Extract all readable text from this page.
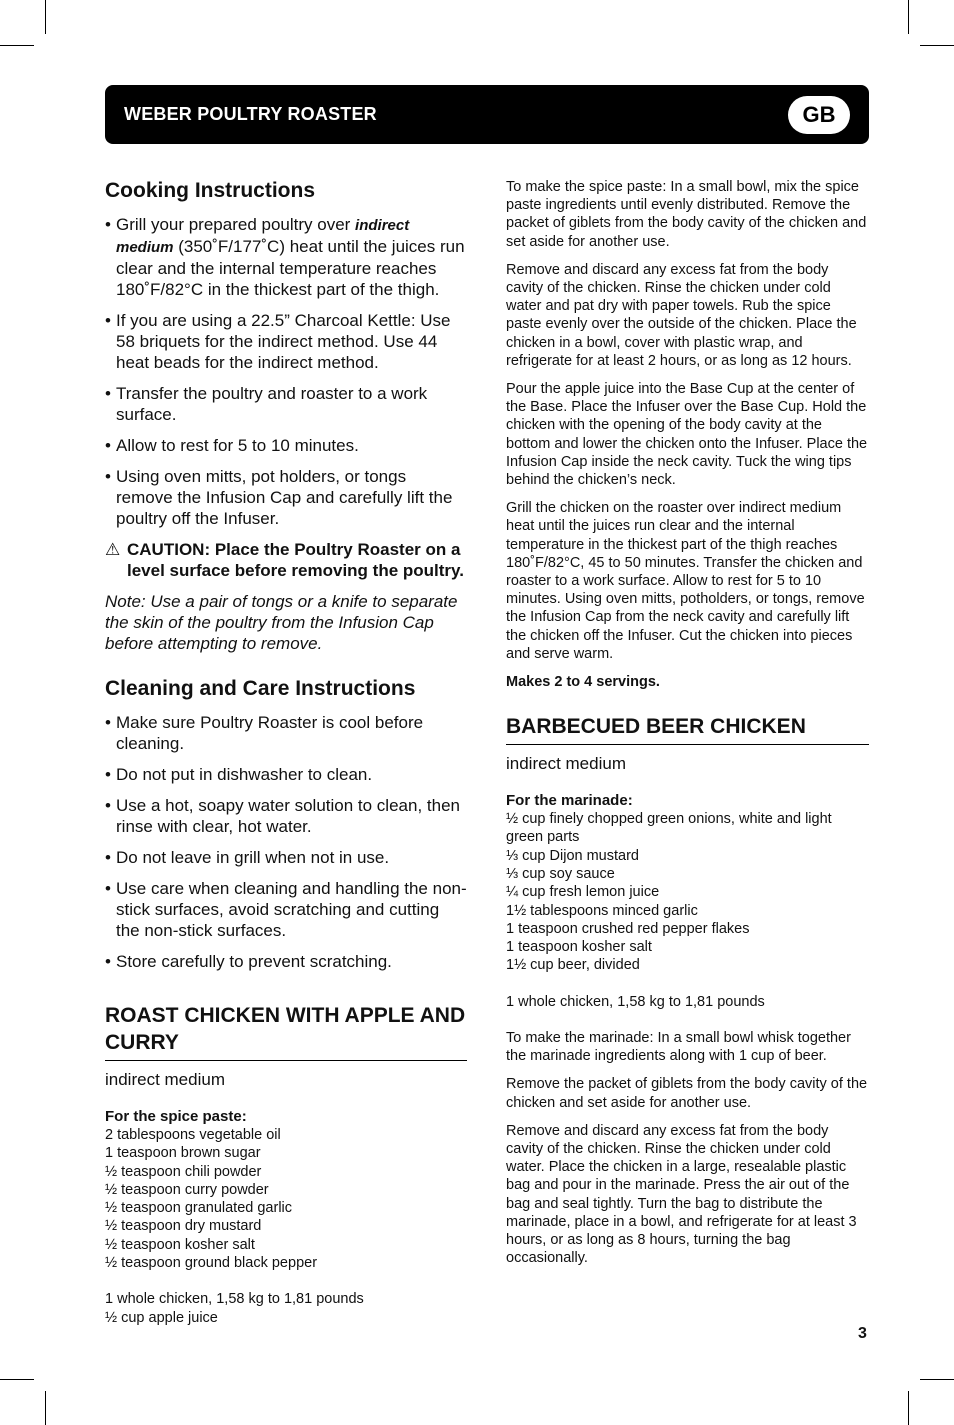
WEBER POULTRY ROASTER	GB
Cooking Instructions
• Grill your prepared poultry over indirect medium (350˚F/177˚C) heat until the juices run clear and the internal temperature reaches 180˚F/82°C in the thickest part of the thigh.
• If you are using a 22.5” Charcoal Kettle: Use 58 briquets for the indirect method. Use 44 heat beads for the indirect method.
• Transfer the poultry and roaster to a work surface.
• Allow to rest for 5 to 10 minutes.
• Using oven mitts, pot holders, or tongs remove the Infusion Cap and carefully lift the poultry off the Infuser.
⚠ CAUTION: Place the Poultry Roaster on a level surface before removing the poultry.
Note: Use a pair of tongs or a knife to separate the skin of the poultry from the Infusion Cap before attempting to remove.
Cleaning and Care Instructions
• Make sure Poultry Roaster is cool before cleaning.
• Do not put in dishwasher to clean.
• Use a hot, soapy water solution to clean, then rinse with clear, hot water.
• Do not leave in grill when not in use.
• Use care when cleaning and handling the non-stick surfaces, avoid scratching and cutting the non-stick surfaces.
• Store carefully to prevent scratching.
ROAST CHICKEN WITH APPLE AND CURRY
indirect medium
For the spice paste:
2 tablespoons vegetable oil
1 teaspoon brown sugar
½ teaspoon chili powder
½ teaspoon curry powder
½ teaspoon granulated garlic
½ teaspoon dry mustard
½ teaspoon kosher salt
½ teaspoon ground black pepper
1 whole chicken, 1,58 kg to 1,81 pounds
½ cup apple juice

To make the spice paste: In a small bowl, mix the spice paste ingredients until evenly distributed. Remove the packet of giblets from the body cavity of the chicken and set aside for another use.

Remove and discard any excess fat from the body cavity of the chicken. Rinse the chicken under cold water and pat dry with paper towels. Rub the spice paste evenly over the outside of the chicken. Place the chicken in a bowl, cover with plastic wrap, and refrigerate for at least 2 hours, or as long as 12 hours.

Pour the apple juice into the Base Cup at the center of the Base. Place the Infuser over the Base Cup. Hold the chicken with the opening of the body cavity at the bottom and lower the chicken onto the Infuser. Place the Infusion Cap inside the neck cavity. Tuck the wing tips behind the chicken’s neck.

Grill the chicken on the roaster over indirect medium heat until the juices run clear and the internal temperature in the thickest part of the thigh reaches 180˚F/82°C, 45 to 50 minutes. Transfer the chicken and roaster to a work surface. Allow to rest for 5 to 10 minutes. Using oven mitts, potholders, or tongs, remove the Infusion Cap from the neck cavity and carefully lift the chicken off the Infuser. Cut the chicken into pieces and serve warm.

Makes 2 to 4 servings.

BARBECUED BEER CHICKEN
indirect medium
For the marinade:
½ cup finely chopped green onions, white and light green parts
⅓ cup Dijon mustard
⅓ cup soy sauce
¼ cup fresh lemon juice
1½ tablespoons minced garlic
1 teaspoon crushed red pepper flakes
1 teaspoon kosher salt
1½ cup beer, divided
1 whole chicken, 1,58 kg to 1,81 pounds

To make the marinade: In a small bowl whisk together the marinade ingredients along with 1 cup of beer.

Remove the packet of giblets from the body cavity of the chicken and set aside for another use.

Remove and discard any excess fat from the body cavity of the chicken. Rinse the chicken under cold water. Place the chicken in a large, resealable plastic bag and pour in the marinade. Press the air out of the bag and seal tightly. Turn the bag to distribute the marinade, place in a bowl, and refrigerate for at least 3 hours, or as long as 8 hours, turning the bag occasionally.

3
